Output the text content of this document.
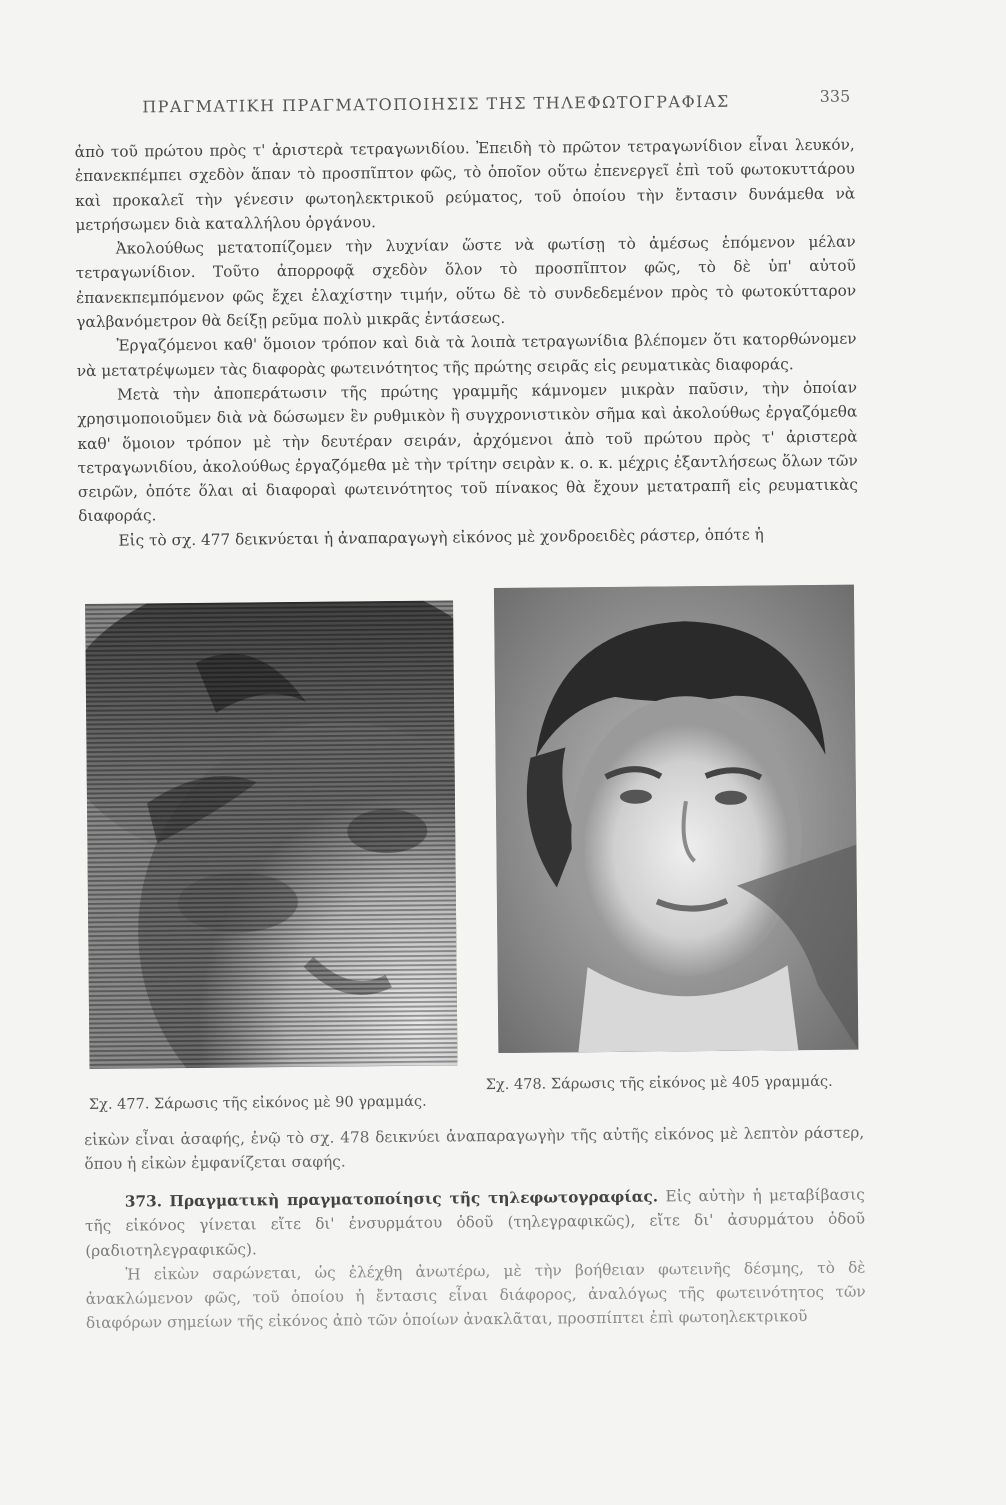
ΠΡΑΓΜΑΤΙΚΗ ΠΡΑΓΜΑΤΟΠΟΙΗΣΙΣ ΤΗΣ ΤΗΛΕΦΩΤΟΓΡΑΦΙΑΣ	335

ἀπὸ τοῦ πρώτου πρὸς τ' ἀριστερὰ τετραγωνιδίου. Ἐπειδὴ τὸ πρῶτον τετραγωνίδιον εἶναι λευκόν, ἐπανεκπέμπει σχεδὸν ἅπαν τὸ προσπῖπτον φῶς, τὸ ὁποῖον οὕτω ἐπενεργεῖ ἐπὶ τοῦ φωτοκυττάρου καὶ προκαλεῖ τὴν γένεσιν φωτοηλεκτρικοῦ ρεύματος, τοῦ ὁποίου τὴν ἔντασιν δυνάμεθα νὰ μετρήσωμεν διὰ καταλλήλου ὀργάνου.

Ἀκολούθως μετατοπίζομεν τὴν λυχνίαν ὥστε νὰ φωτίσῃ τὸ ἀμέσως ἑπόμενον μέλαν τετραγωνίδιον. Τοῦτο ἀπορροφᾷ σχεδὸν ὅλον τὸ προσπῖπτον φῶς, τὸ δὲ ὑπ' αὐτοῦ ἐπανεκπεμπόμενον φῶς ἔχει ἐλαχίστην τιμήν, οὕτω δὲ τὸ συνδεδεμένον πρὸς τὸ φωτοκύτταρον γαλβανόμετρον θὰ δείξῃ ρεῦμα πολὺ μικρᾶς ἐντάσεως.

Ἐργαζόμενοι καθ' ὅμοιον τρόπον καὶ διὰ τὰ λοιπὰ τετραγωνίδια βλέπομεν ὅτι κατορθώνομεν νὰ μετατρέψωμεν τὰς διαφορὰς φωτεινότητος τῆς πρώτης σειρᾶς εἰς ρευματικὰς διαφοράς.

Μετὰ τὴν ἀποπεράτωσιν τῆς πρώτης γραμμῆς κάμνομεν μικρὰν παῦσιν, τὴν ὁποίαν χρησιμοποιοῦμεν διὰ νὰ δώσωμεν ἓν ρυθμικὸν ἢ συγχρονιστικὸν σῆμα καὶ ἀκολούθως ἐργαζόμεθα καθ' ὅμοιον τρόπον μὲ τὴν δευτέραν σειράν, ἀρχόμενοι ἀπὸ τοῦ πρώτου πρὸς τ' ἀριστερὰ τετραγωνιδίου, ἀκολούθως ἐργαζόμεθα μὲ τὴν τρίτην σειρὰν κ. ο. κ. μέχρις ἐξαντλήσεως ὅλων τῶν σειρῶν, ὁπότε ὅλαι αἱ διαφοραὶ φωτεινότητος τοῦ πίνακος θὰ ἔχουν μετατραπῆ εἰς ρευματικὰς διαφοράς.

Εἰς τὸ σχ. 477 δεικνύεται ἡ ἀναπαραγωγὴ εἰκόνος μὲ χονδροειδὲς ράστερ, ὁπότε ἡ

Σχ. 477. Σάρωσις τῆς εἰκόνος μὲ 90 γραμμάς.
Σχ. 478. Σάρωσις τῆς εἰκόνος μὲ 405 γραμμάς.

εἰκὼν εἶναι ἀσαφής, ἐνῷ τὸ σχ. 478 δεικνύει ἀναπαραγωγὴν τῆς αὐτῆς εἰκόνος μὲ λεπτὸν ράστερ, ὅπου ἡ εἰκὼν ἐμφανίζεται σαφής.

373. Πραγματικὴ πραγματοποίησις τῆς τηλεφωτογραφίας. Εἰς αὐτὴν ἡ μεταβίβασις τῆς εἰκόνος γίνεται εἴτε δι' ἐνσυρμάτου ὁδοῦ (τηλεγραφικῶς), εἴτε δι' ἀσυρμάτου ὁδοῦ (ραδιοτηλεγραφικῶς).

Ἡ εἰκὼν σαρώνεται, ὡς ἐλέχθη ἀνωτέρω, μὲ τὴν βοήθειαν φωτεινῆς δέσμης, τὸ δὲ ἀνακλώμενον φῶς, τοῦ ὁποίου ἡ ἔντασις εἶναι διάφορος, ἀναλόγως τῆς φωτεινότητος τῶν διαφόρων σημείων τῆς εἰκόνος ἀπὸ τῶν ὁποίων ἀνακλᾶται, προσπίπτει ἐπὶ φωτοηλεκτρικοῦ
